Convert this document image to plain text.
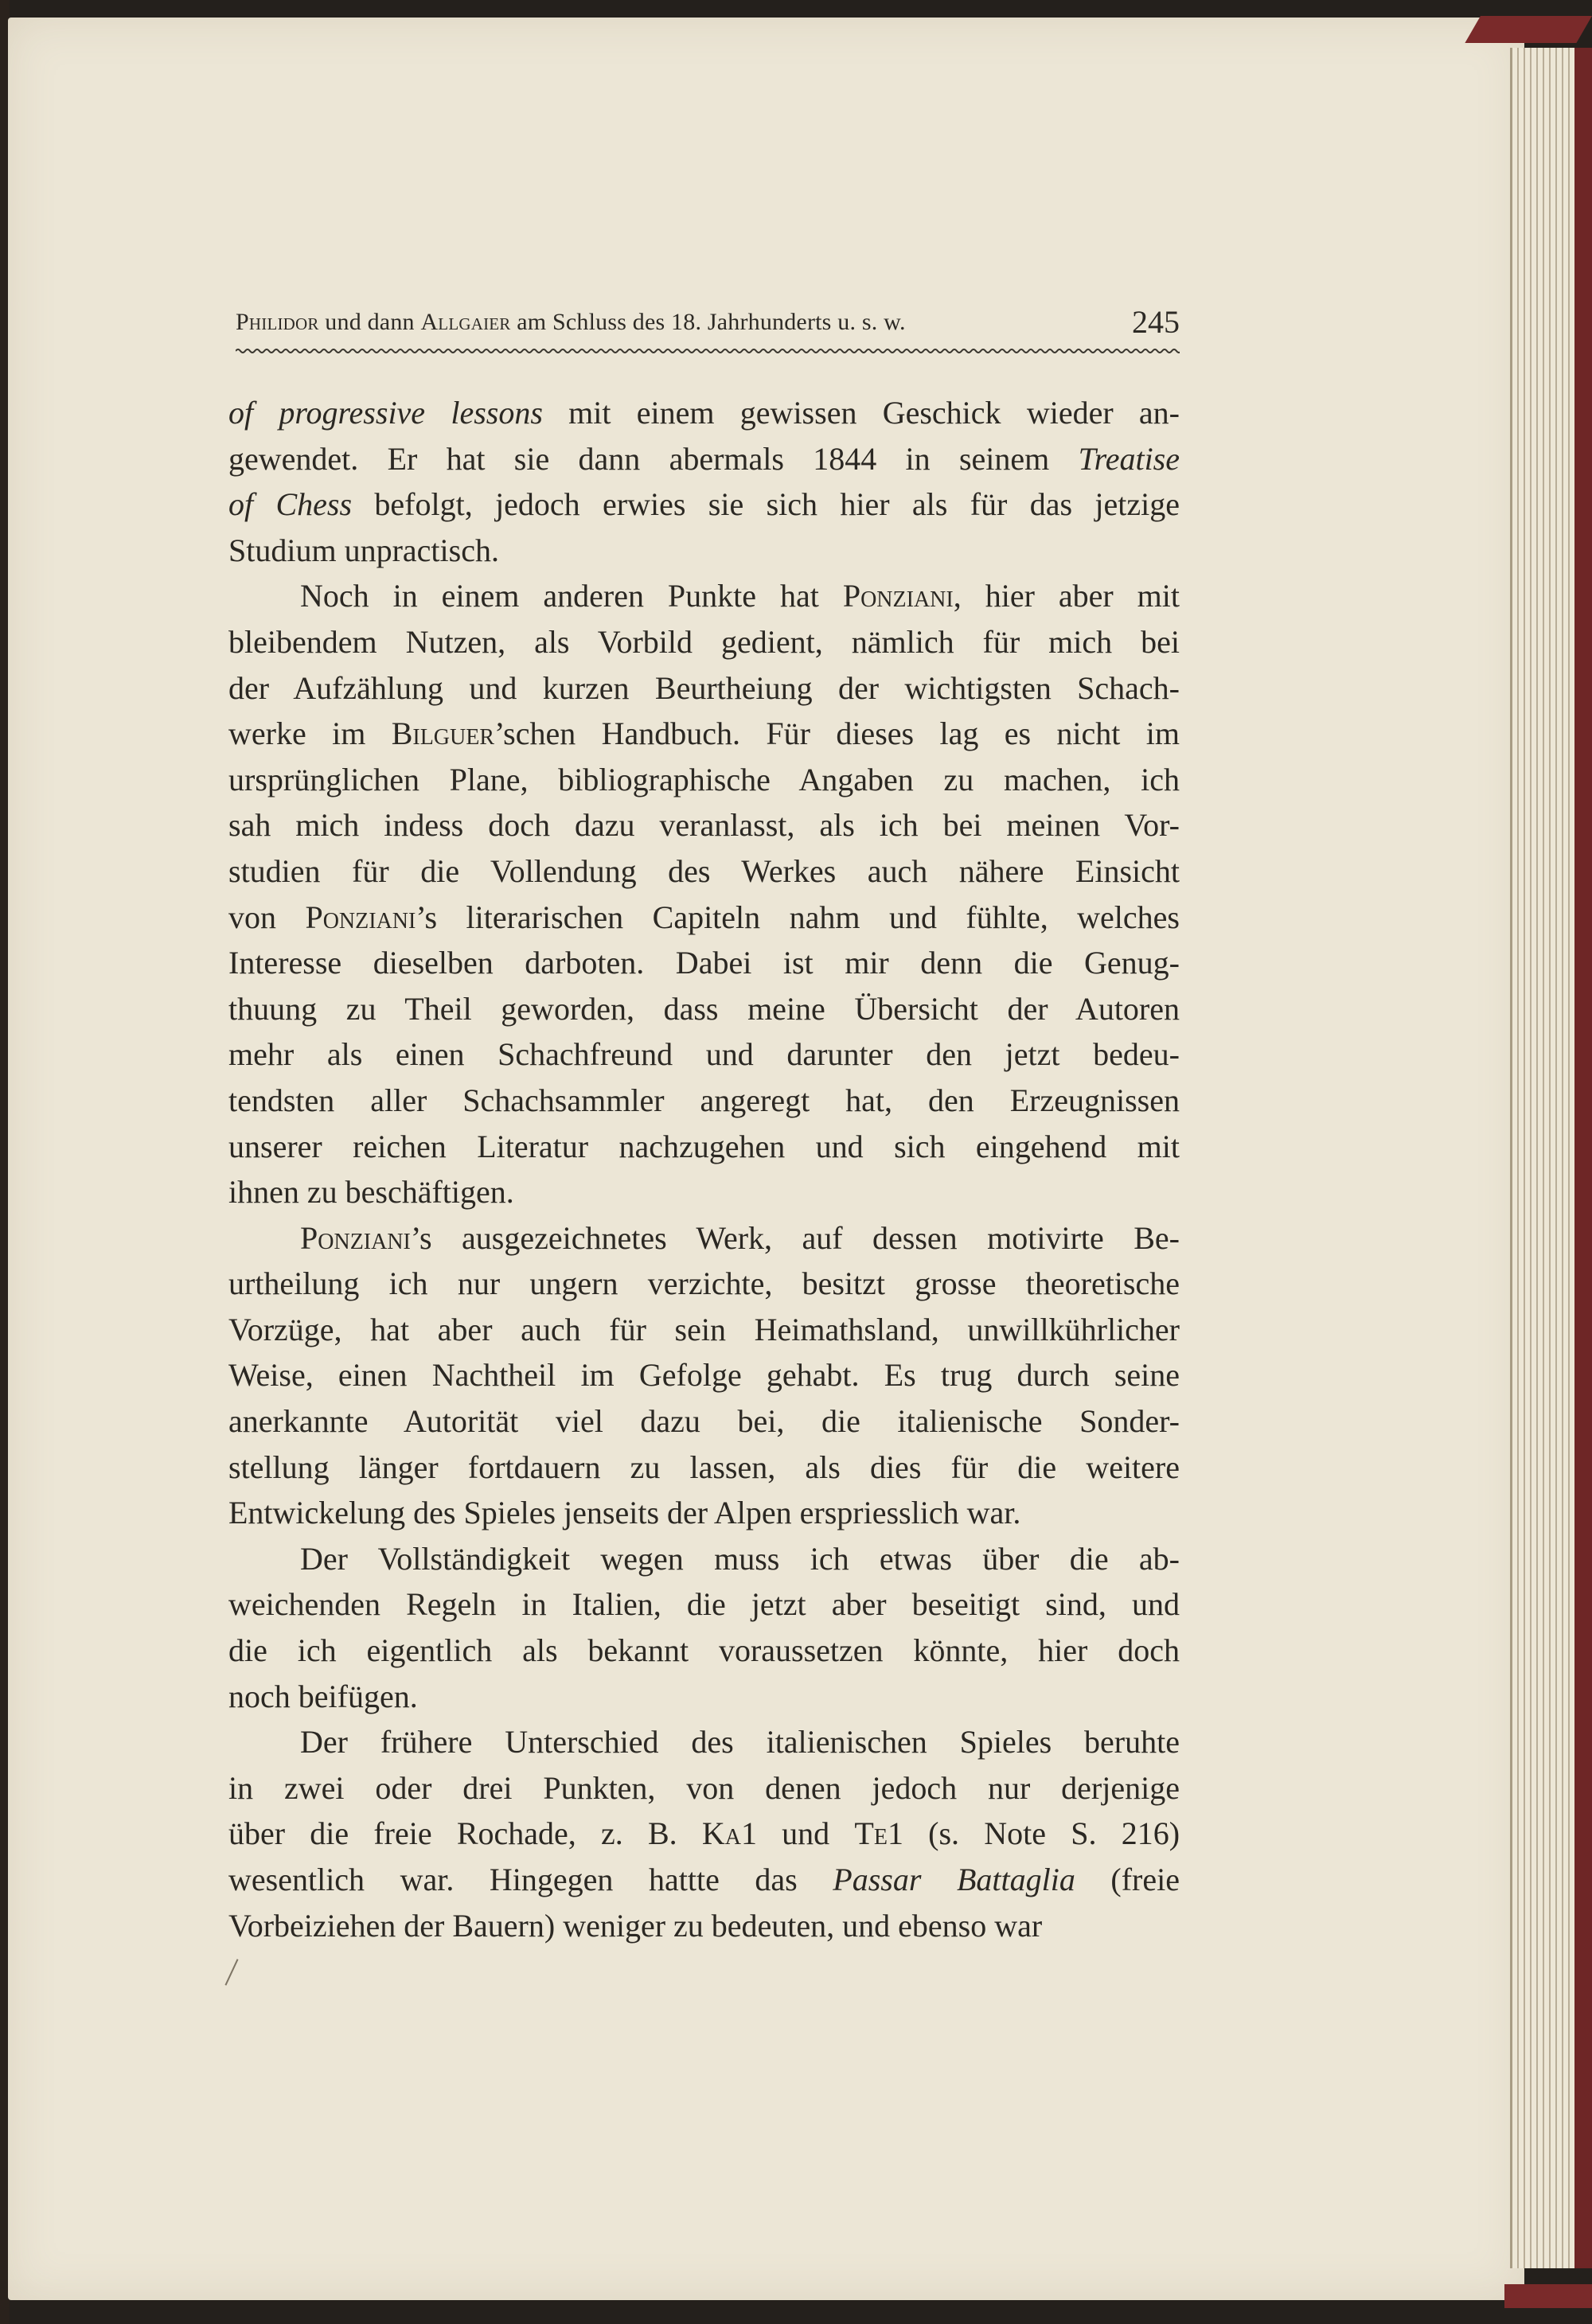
Philidor und dann Allgaier am Schluss des 18. Jahrhunderts u. s. w.	245

of progressive lessons mit einem gewissen Geschick wieder an-

gewendet. Er hat sie dann abermals 1844 in seinem Treatise

of Chess befolgt, jedoch erwies sie sich hier als für das jetzige

Studium unpractisch.

Noch in einem anderen Punkte hat Ponziani, hier aber mit

bleibendem Nutzen, als Vorbild gedient, nämlich für mich bei

der Aufzählung und kurzen Beurtheiung der wichtigsten Schach-

werke im Bilguer’schen Handbuch. Für dieses lag es nicht im

ursprünglichen Plane, bibliographische Angaben zu machen, ich

sah mich indess doch dazu veranlasst, als ich bei meinen Vor-

studien für die Vollendung des Werkes auch nähere Einsicht

von Ponziani’s literarischen Capiteln nahm und fühlte, welches

Interesse dieselben darboten. Dabei ist mir denn die Genug-

thuung zu Theil geworden, dass meine Übersicht der Autoren

mehr als einen Schachfreund und darunter den jetzt bedeu-

tendsten aller Schachsammler angeregt hat, den Erzeugnissen

unserer reichen Literatur nachzugehen und sich eingehend mit

ihnen zu beschäftigen.

Ponziani’s ausgezeichnetes Werk, auf dessen motivirte Be-

urtheilung ich nur ungern verzichte, besitzt grosse theoretische

Vorzüge, hat aber auch für sein Heimathsland, unwillkührlicher

Weise, einen Nachtheil im Gefolge gehabt. Es trug durch seine

anerkannte Autorität viel dazu bei, die italienische Sonder-

stellung länger fortdauern zu lassen, als dies für die weitere

Entwickelung des Spieles jenseits der Alpen erspriesslich war.

Der Vollständigkeit wegen muss ich etwas über die ab-

weichenden Regeln in Italien, die jetzt aber beseitigt sind, und

die ich eigentlich als bekannt voraussetzen könnte, hier doch

noch beifügen.

Der frühere Unterschied des italienischen Spieles beruhte

in zwei oder drei Punkten, von denen jedoch nur derjenige

über die freie Rochade, z. B. Ka1 und Te1 (s. Note S. 216)

wesentlich war. Hingegen hattte das Passar Battaglia (freie

Vorbeiziehen der Bauern) weniger zu bedeuten, und ebenso war
